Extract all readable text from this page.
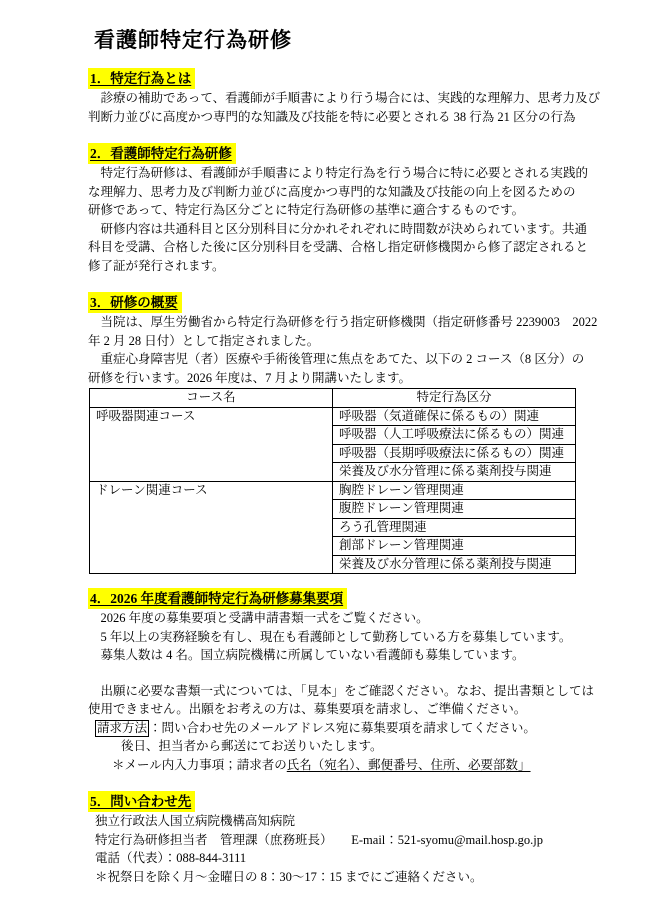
看護師特定行為研修
1．特定行為とは
　診療の補助であって、看護師が手順書により行う場合には、実践的な理解力、思考力及び
判断力並びに高度かつ専門的な知識及び技能を特に必要とされる 38 行為 21 区分の行為
2．看護師特定行為研修
　特定行為研修は、看護師が手順書により特定行為を行う場合に特に必要とされる実践的
な理解力、思考力及び判断力並びに高度かつ専門的な知識及び技能の向上を図るための
研修であって、特定行為区分ごとに特定行為研修の基準に適合するものです。
　研修内容は共通科目と区分別科目に分かれそれぞれに時間数が決められています。共通
科目を受講、合格した後に区分別科目を受講、合格し指定研修機関から修了認定されると
修了証が発行されます。
3．研修の概要
　当院は、厚生労働省から特定行為研修を行う指定研修機関（指定研修番号 2239003　2022
年 2 月 28 日付）として指定されました。
　重症心身障害児（者）医療や手術後管理に焦点をあてた、以下の 2 コース（8 区分）の
研修を行います。2026 年度は、7 月より開講いたします。
コース名	特定行為区分
呼吸器関連コース	呼吸器（気道確保に係るもの）関連
	呼吸器（人工呼吸療法に係るもの）関連
	呼吸器（長期呼吸療法に係るもの）関連
	栄養及び水分管理に係る薬剤投与関連
ドレーン関連コース	胸腔ドレーン管理関連
	腹腔ドレーン管理関連
	ろう孔管理関連
	創部ドレーン管理関連
	栄養及び水分管理に係る薬剤投与関連
4．2026 年度看護師特定行為研修募集要項
　2026 年度の募集要項と受講申請書類一式をご覧ください。
　5 年以上の実務経験を有し、現在も看護師として勤務している方を募集しています。
　募集人数は 4 名。国立病院機構に所属していない看護師も募集しています。
　出願に必要な書類一式については、「見本」をご確認ください。なお、提出書類としては
使用できません。出願をお考えの方は、募集要項を請求し、ご準備ください。
請求方法 ：問い合わせ先のメールアドレス宛に募集要項を請求してください。
後日、担当者から郵送にてお送りいたします。
＊メール内入力事項；請求者の氏名（宛名）、郵便番号、住所、必要部数」
5．問い合わせ先
独立行政法人国立病院機構高知病院
特定行為研修担当者　管理課（庶務班長）　　E-mail：521-syomu@mail.hosp.go.jp
電話（代表）：088-844-3111
＊祝祭日を除く月～金曜日の 8：30～17：15 までにご連絡ください。
